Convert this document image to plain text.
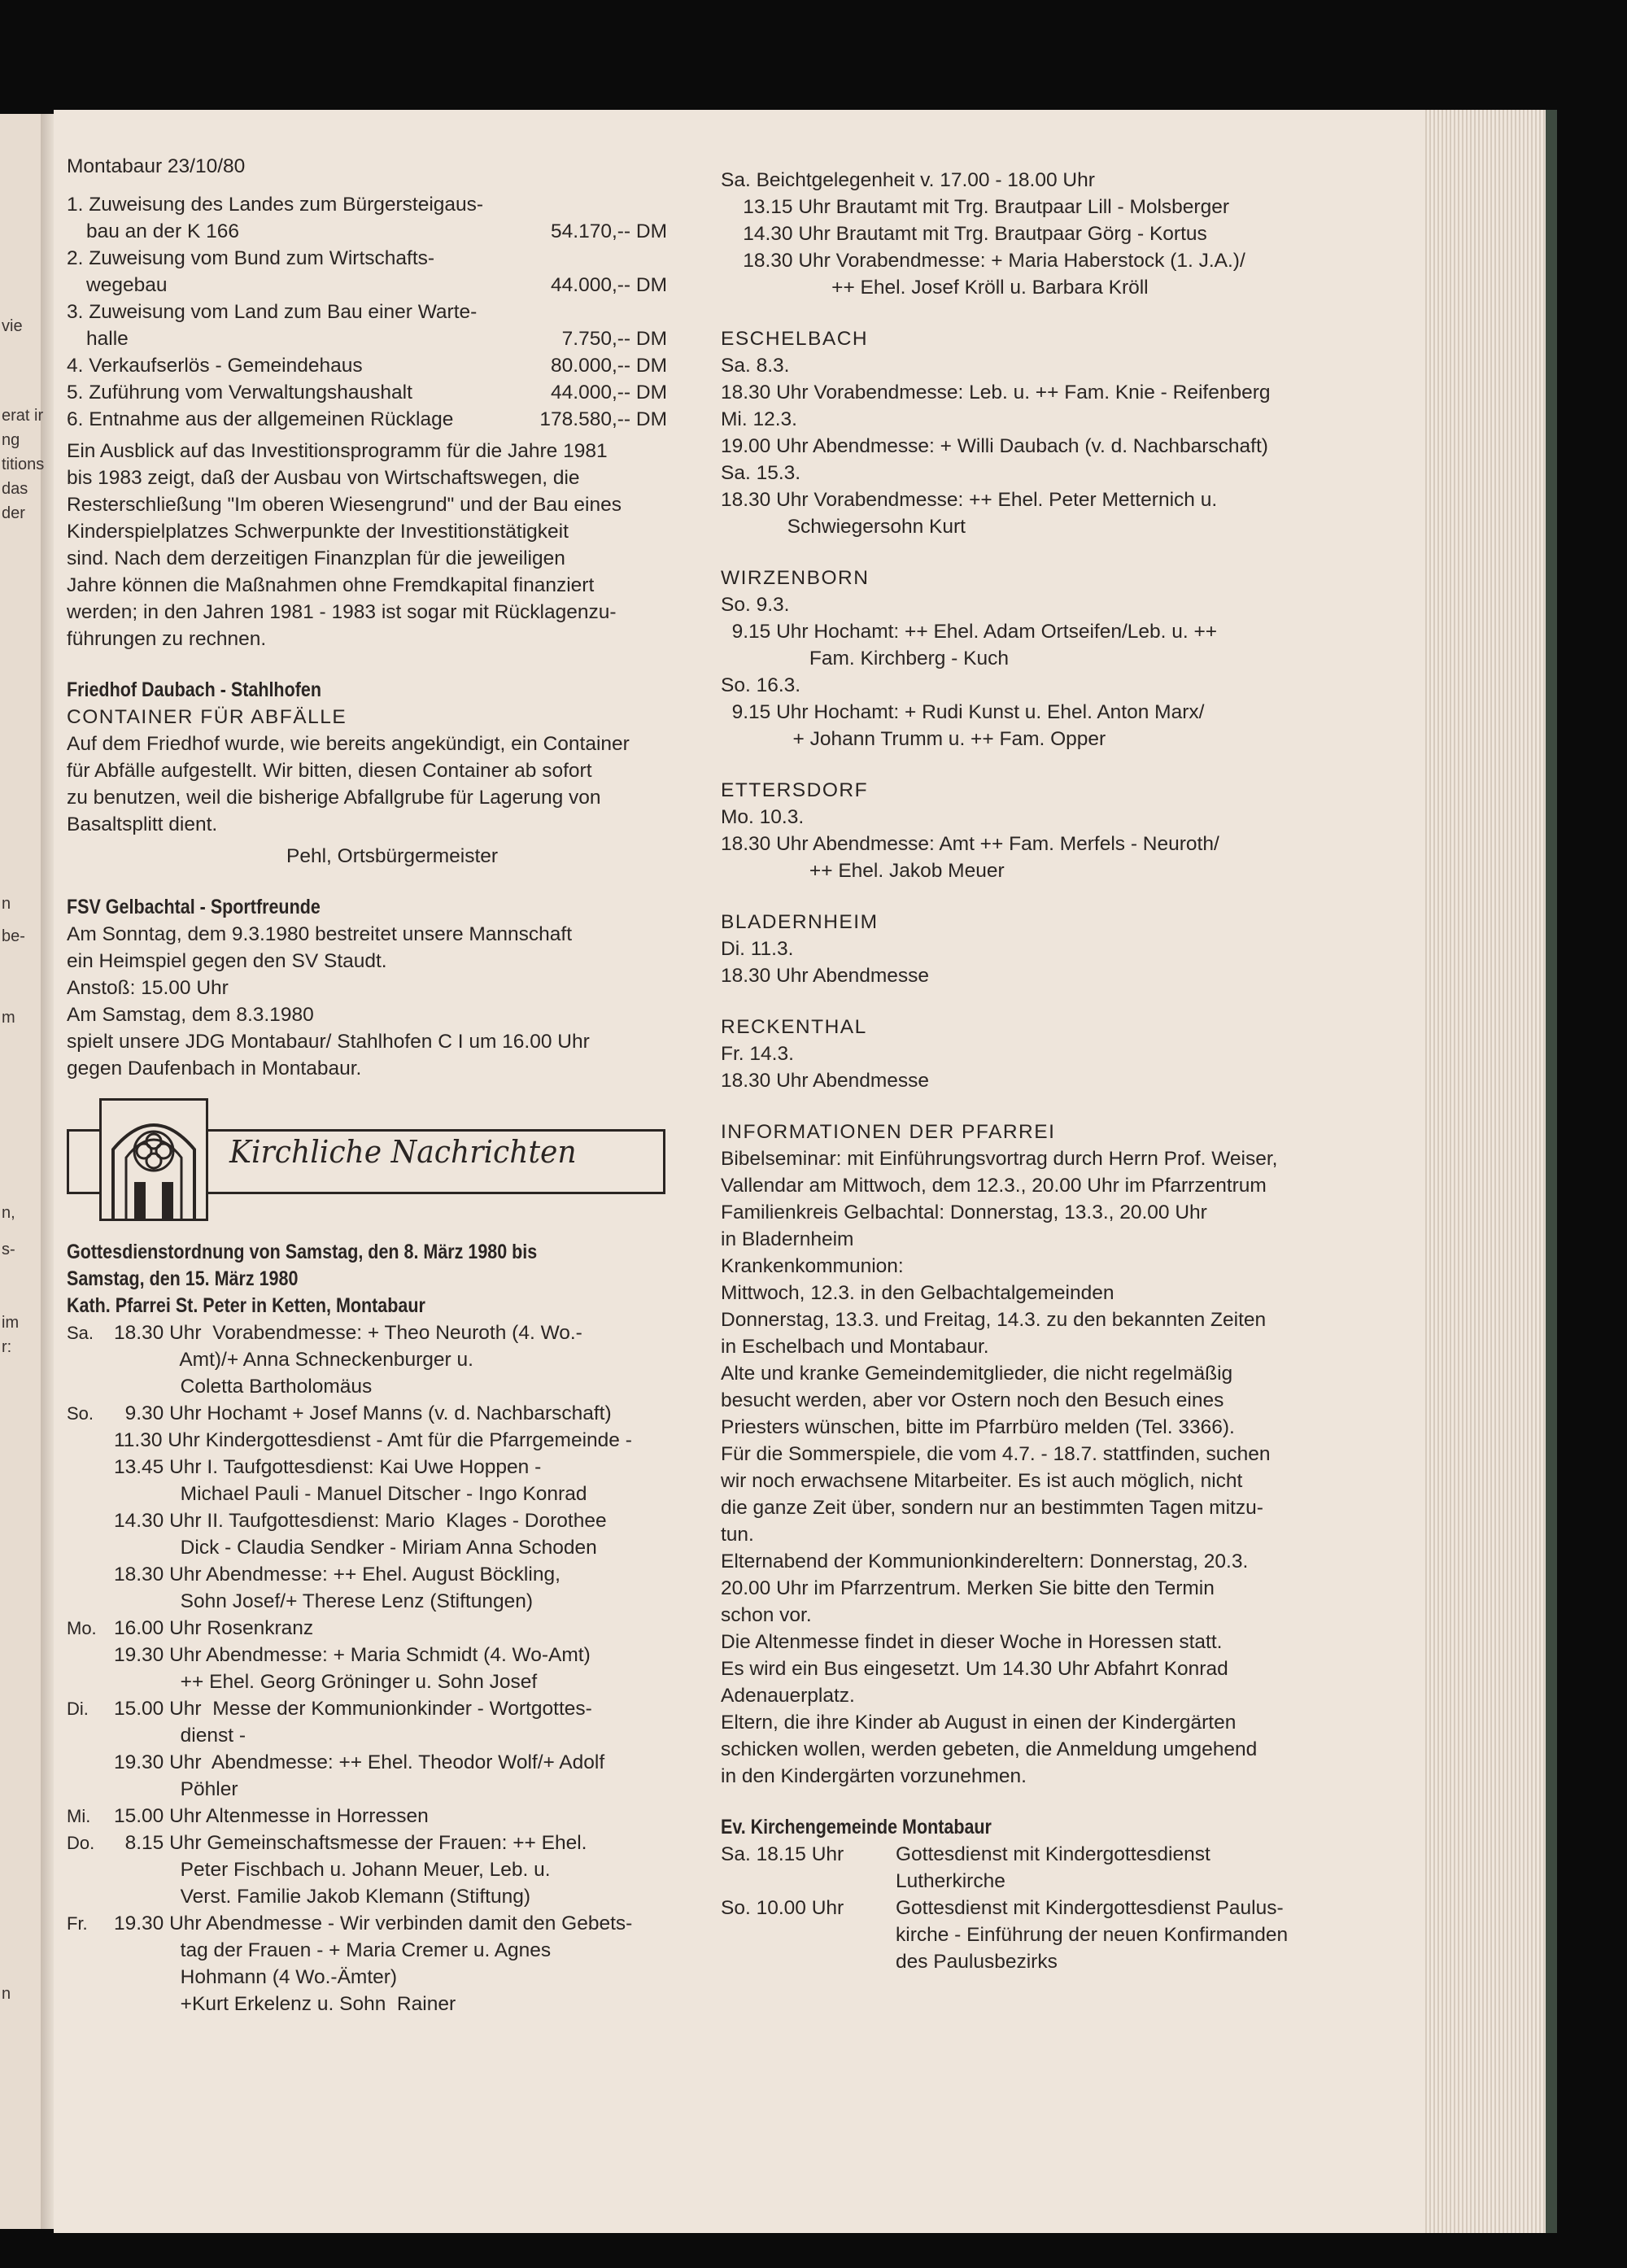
vie
erat ir
ng
titions
das
der
n
be-
m
n,
s-
im
r:
n

Montabaur 23/10/80

1. Zuweisung des Landes zum Bürgersteigaus-
bau an der K 166	54.170,-- DM
2. Zuweisung vom Bund zum Wirtschafts-
wegebau	44.000,-- DM
3. Zuweisung vom Land zum Bau einer Warte-
halle	7.750,-- DM
4. Verkaufserlös - Gemeindehaus	80.000,-- DM
5. Zuführung vom Verwaltungshaushalt	44.000,-- DM
6. Entnahme aus der allgemeinen Rücklage	178.580,-- DM

Ein Ausblick auf das Investitionsprogramm für die Jahre 1981

bis 1983 zeigt, daß der Ausbau von Wirtschaftswegen, die

Resterschließung "Im oberen Wiesengrund" und der Bau eines

Kinderspielplatzes Schwerpunkte der Investitionstätigkeit

sind. Nach dem derzeitigen Finanzplan für die jeweiligen

Jahre können die Maßnahmen ohne Fremdkapital finanziert

werden; in den Jahren 1981 - 1983 ist sogar mit Rücklagenzu-

führungen zu rechnen.

Friedhof Daubach - Stahlhofen

CONTAINER FÜR ABFÄLLE

Auf dem Friedhof wurde, wie bereits angekündigt, ein Container

für Abfälle aufgestellt. Wir bitten, diesen Container ab sofort

zu benutzen, weil die bisherige Abfallgrube für Lagerung von

Basaltsplitt dient.

Pehl, Ortsbürgermeister

FSV Gelbachtal - Sportfreunde

Am Sonntag, dem 9.3.1980 bestreitet unsere Mannschaft

ein Heimspiel gegen den SV Staudt.

Anstoß: 15.00 Uhr

Am Samstag, dem 8.3.1980

spielt unsere JDG Montabaur/ Stahlhofen C I um 16.00 Uhr

gegen Daufenbach in Montabaur.

Kirchliche Nachrichten

Gottesdienstordnung von Samstag, den 8. März 1980 bis

Samstag, den 15. März 1980

Kath. Pfarrei St. Peter in Ketten, Montabaur

Sa.	18.30 Uhr  Vorabendmesse: + Theo Neuroth (4. Wo.-
Amt)/+ Anna Schneckenburger u.
Coletta Bartholomäus
So.	9.30 Uhr Hochamt + Josef Manns (v. d. Nachbarschaft)
11.30 Uhr Kindergottesdienst - Amt für die Pfarrgemeinde -
13.45 Uhr I. Taufgottesdienst: Kai Uwe Hoppen -
Michael Pauli - Manuel Ditscher - Ingo Konrad
14.30 Uhr II. Taufgottesdienst: Mario  Klages - Dorothee
Dick - Claudia Sendker - Miriam Anna Schoden
18.30 Uhr Abendmesse: ++ Ehel. August Böckling,
Sohn Josef/+ Therese Lenz (Stiftungen)
Mo. 16.00 Uhr Rosenkranz
19.30 Uhr Abendmesse: + Maria Schmidt (4. Wo-Amt)
++ Ehel. Georg Gröninger u. Sohn Josef
Di.	15.00 Uhr  Messe der Kommunionkinder - Wortgottes-
dienst -
19.30 Uhr  Abendmesse: ++ Ehel. Theodor Wolf/+ Adolf
Pöhler
Mi.	15.00 Uhr Altenmesse in Horressen
Do. 8.15 Uhr Gemeinschaftsmesse der Frauen: ++ Ehel.
Peter Fischbach u. Johann Meuer, Leb. u.
Verst. Familie Jakob Klemann (Stiftung)
Fr.	19.30 Uhr Abendmesse - Wir verbinden damit den Gebets-
tag der Frauen - + Maria Cremer u. Agnes
Hohmann (4 Wo.-Ämter)
+Kurt Erkelenz u. Sohn  Rainer

Sa. Beichtgelegenheit v. 17.00 - 18.00 Uhr

13.15 Uhr Brautamt mit Trg. Brautpaar Lill - Molsberger

14.30 Uhr Brautamt mit Trg. Brautpaar Görg - Kortus

18.30 Uhr Vorabendmesse: + Maria Haberstock (1. J.A.)/

++ Ehel. Josef Kröll u. Barbara Kröll

ESCHELBACH

Sa. 8.3.

18.30 Uhr Vorabendmesse: Leb. u. ++ Fam. Knie - Reifenberg

Mi. 12.3.

19.00 Uhr Abendmesse: + Willi Daubach (v. d. Nachbarschaft)

Sa. 15.3.

18.30 Uhr Vorabendmesse: ++ Ehel. Peter Metternich u.

Schwiegersohn Kurt

WIRZENBORN

So. 9.3.

9.15 Uhr Hochamt: ++ Ehel. Adam Ortseifen/Leb. u. ++

Fam. Kirchberg - Kuch

So. 16.3.

9.15 Uhr Hochamt: + Rudi Kunst u. Ehel. Anton Marx/

+ Johann Trumm u. ++ Fam. Opper

ETTERSDORF

Mo. 10.3.

18.30 Uhr Abendmesse: Amt ++ Fam. Merfels - Neuroth/

++ Ehel. Jakob Meuer

BLADERNHEIM

Di. 11.3.

18.30 Uhr Abendmesse

RECKENTHAL

Fr. 14.3.

18.30 Uhr Abendmesse

INFORMATIONEN DER PFARREI

Bibelseminar: mit Einführungsvortrag durch Herrn Prof. Weiser,

Vallendar am Mittwoch, dem 12.3., 20.00 Uhr im Pfarrzentrum

Familienkreis Gelbachtal: Donnerstag, 13.3., 20.00 Uhr

in Bladernheim

Krankenkommunion:

Mittwoch, 12.3. in den Gelbachtalgemeinden

Donnerstag, 13.3. und Freitag, 14.3. zu den bekannten Zeiten

in Eschelbach und Montabaur.

Alte und kranke Gemeindemitglieder, die nicht regelmäßig

besucht werden, aber vor Ostern noch den Besuch eines

Priesters wünschen, bitte im Pfarrbüro melden (Tel. 3366).

Für die Sommerspiele, die vom 4.7. - 18.7. stattfinden, suchen

wir noch erwachsene Mitarbeiter. Es ist auch möglich, nicht

die ganze Zeit über, sondern nur an bestimmten Tagen mitzu-

tun.

Elternabend der Kommunionkindereltern: Donnerstag, 20.3.

20.00 Uhr im Pfarrzentrum. Merken Sie bitte den Termin

schon vor.

Die Altenmesse findet in dieser Woche in Horessen statt.

Es wird ein Bus eingesetzt. Um 14.30 Uhr Abfahrt Konrad

Adenauerplatz.

Eltern, die ihre Kinder ab August in einen der Kindergärten

schicken wollen, werden gebeten, die Anmeldung umgehend

in den Kindergärten vorzunehmen.

Ev. Kirchengemeinde Montabaur

Sa. 18.15 Uhr	Gottesdienst mit Kindergottesdienst
Lutherkirche
So. 10.00 Uhr	Gottesdienst mit Kindergottesdienst Paulus-
kirche - Einführung der neuen Konfirmanden
des Paulusbezirks
